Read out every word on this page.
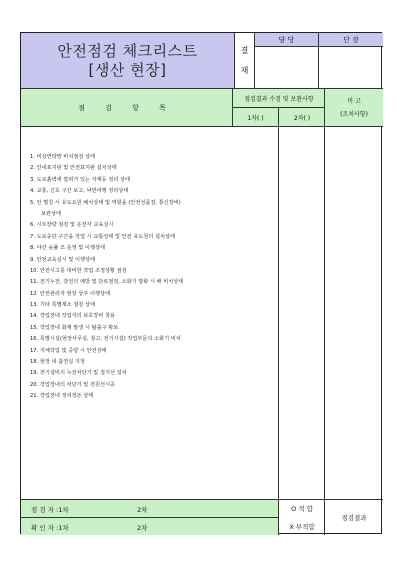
안전점검 체크리스트
[생산 현장]
결
재
담 당	단 장
점 검 항 목
점검결과 수검 및 보완사항
1차( )	2차( )
비 고
(조치사항)
1. 비상연락망 비치점검 상태
2. 안내표지판 및 안전표지판 설치상태
3. 도로흙벽에 깔려가 있는 자재등 정리 상태
4. 교통, 신호 구간 보고, 낙반여행 정리상태
5. 안 벌칭 시 유도요원 배치상태 및 역할을 (안전성품질, 통신장비)
보관상태
6. 시트장량 점검 및 운전자 교육실시
7. 도로중단 구간을 작업 시 교통상태 및 안전 유도원의 설치상태
8. 야간 숲풀 조 운영 및 이행상태
9. 안전교육실시 및 이행상태
10. 안전시고를 대비한 작업 조정상황 점검
11. 전기누전, 감전의 예방 및 단로점검, 소화기 방화 시 배 비치상태
12. 안전관리자 현장 상주 이행상태
13. 기타 특별계소 점검 상태
14. 작업장내 작업자의 보호장비 착용
15. 작업장내 화재 발생 시 탈출구 확보
16. 특별시설(현장사무실, 창고, 전기시설) 작업부문의 소화기 비치
17. 지체작업 및 중량 시 안전상태
18. 현장 내 흡연실 지정
19. 전기설비의 누전차단기 및 접지선 설치
20. 작업장내의 차단기 및 전원선시공
21. 작업장내 정리정돈 상태
점 검 자 :1차	2차
확 인 자 :1차	2차
O 적 합
X 부적합
점검결과
